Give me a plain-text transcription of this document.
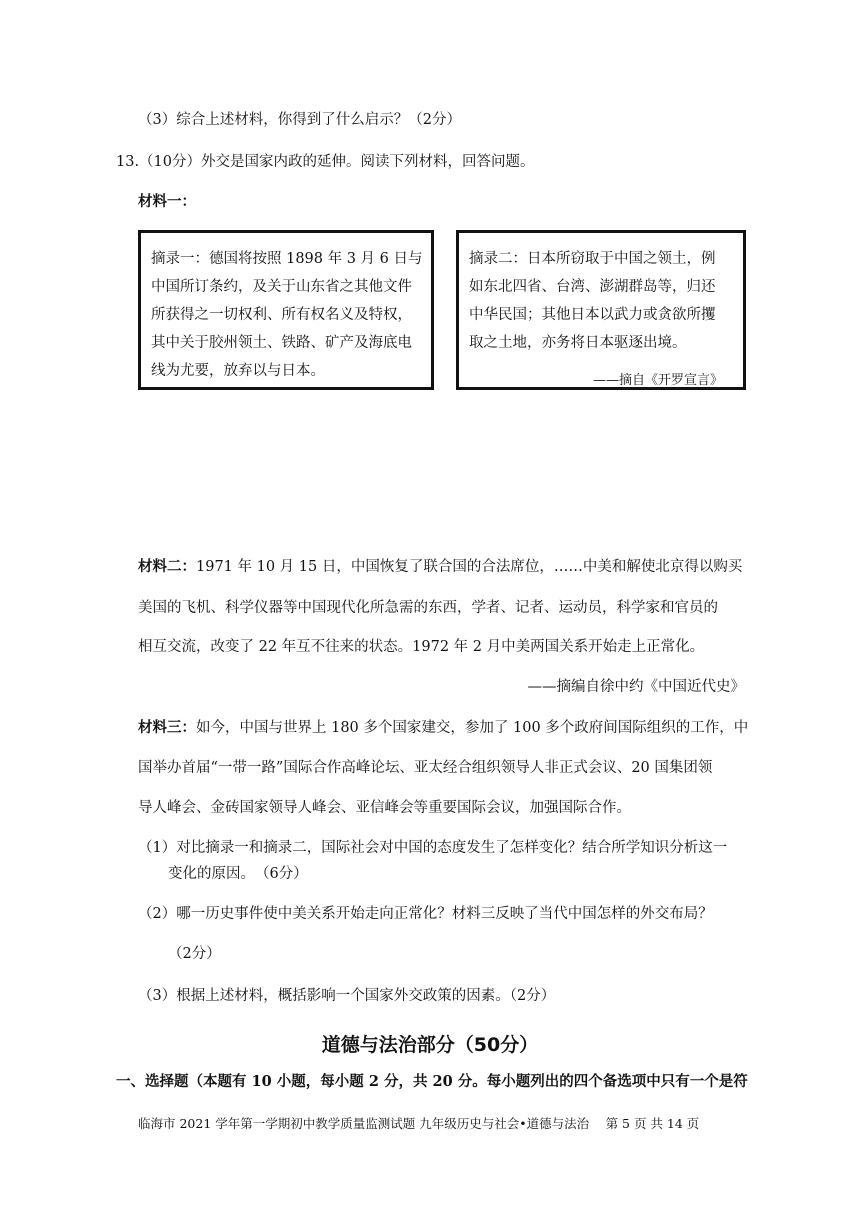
（3）综合上述材料，你得到了什么启示？（2分）
13.（10分）外交是国家内政的延伸。阅读下列材料，回答问题。
材料一：
摘录一：德国将按照 1898 年 3 月 6 日与
中国所订条约，及关于山东省之其他文件
所获得之一切权利、所有权名义及特权，
其中关于胶州领土、铁路、矿产及海底电
线为尤要，放弃以与日本。
摘录二：日本所窃取于中国之领土，例
如东北四省、台湾、澎湖群岛等，归还
中华民国；其他日本以武力或贪欲所攫
取之土地，亦务将日本驱逐出境。
——摘自《开罗宣言》
材料二：1971 年 10 月 15 日，中国恢复了联合国的合法席位，……中美和解使北京得以购买
美国的飞机、科学仪器等中国现代化所急需的东西，学者、记者、运动员，科学家和官员的
相互交流，改变了 22 年互不往来的状态。1972 年 2 月中美两国关系开始走上正常化。
——摘编自徐中约《中国近代史》
材料三：如今，中国与世界上 180 多个国家建交，参加了 100 多个政府间国际组织的工作，中
国举办首届“一带一路”国际合作高峰论坛、亚太经合组织领导人非正式会议、20 国集团领
导人峰会、金砖国家领导人峰会、亚信峰会等重要国际会议，加强国际合作。
（1）对比摘录一和摘录二，国际社会对中国的态度发生了怎样变化？结合所学知识分析这一
变化的原因。　（6分）
（2）哪一历史事件使中美关系开始走向正常化？材料三反映了当代中国怎样的外交布局？
（2分）
（3）根据上述材料，概括影响一个国家外交政策的因素。（2分）
道德与法治部分（50分）
一、选择题（本题有 10 小题，每小题 2 分，共 20 分。每小题列出的四个备选项中只有一个是符
临海市 2021 学年第一学期初中教学质量监测试题 九年级历史与社会•道德与法治　 第 5 页 共 14 页
